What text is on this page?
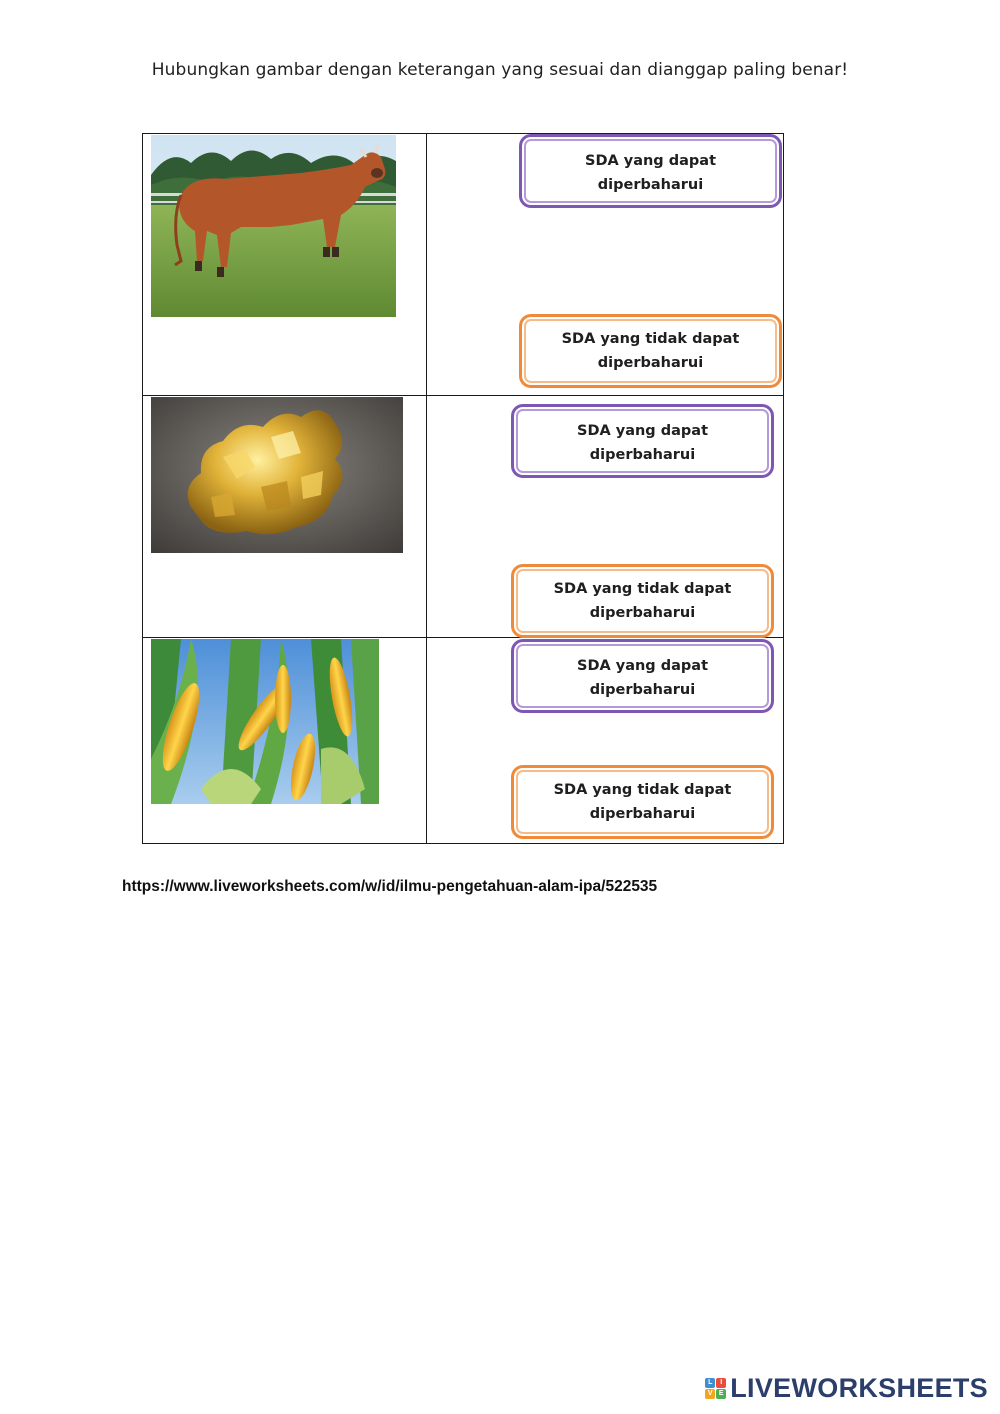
Hubungkan gambar dengan keterangan yang sesuai dan dianggap paling benar!
SDA yang dapat diperbaharui
SDA yang tidak dapat diperbaharui
SDA yang dapat diperbaharui
SDA yang tidak dapat diperbaharui
SDA yang dapat diperbaharui
SDA yang tidak dapat diperbaharui
https://www.liveworksheets.com/w/id/ilmu-pengetahuan-alam-ipa/522535
L	I
V E LIVEWORKSHEETS
